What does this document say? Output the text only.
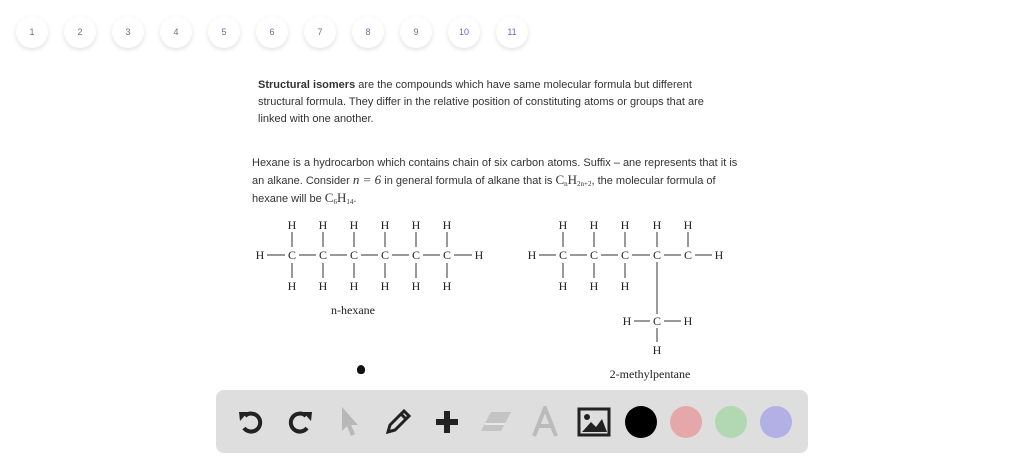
1	2	3	4	5	6	7	8	9	10	11
Structural isomers are the compounds which have same molecular formula but different structural formula. They differ in the relative position of constituting atoms or groups that are linked with one another.
Hexane is a hydrocarbon which contains chain of six carbon atoms. Suffix – ane represents that it is an alkane. Consider n = 6 in general formula of alkane that is $C_nH_{2n+2}$, the molecular formula of hexane will be $C_6H_{14}$.
n-hexane
2-methylpentane
H	H
C
H
H
C
H
H
C
H
H
C
H
H
C
H
H
C
H
H
H	H
C
H
H
C
H
H
C
H
H
C
H
C
H
C
H	H
H
